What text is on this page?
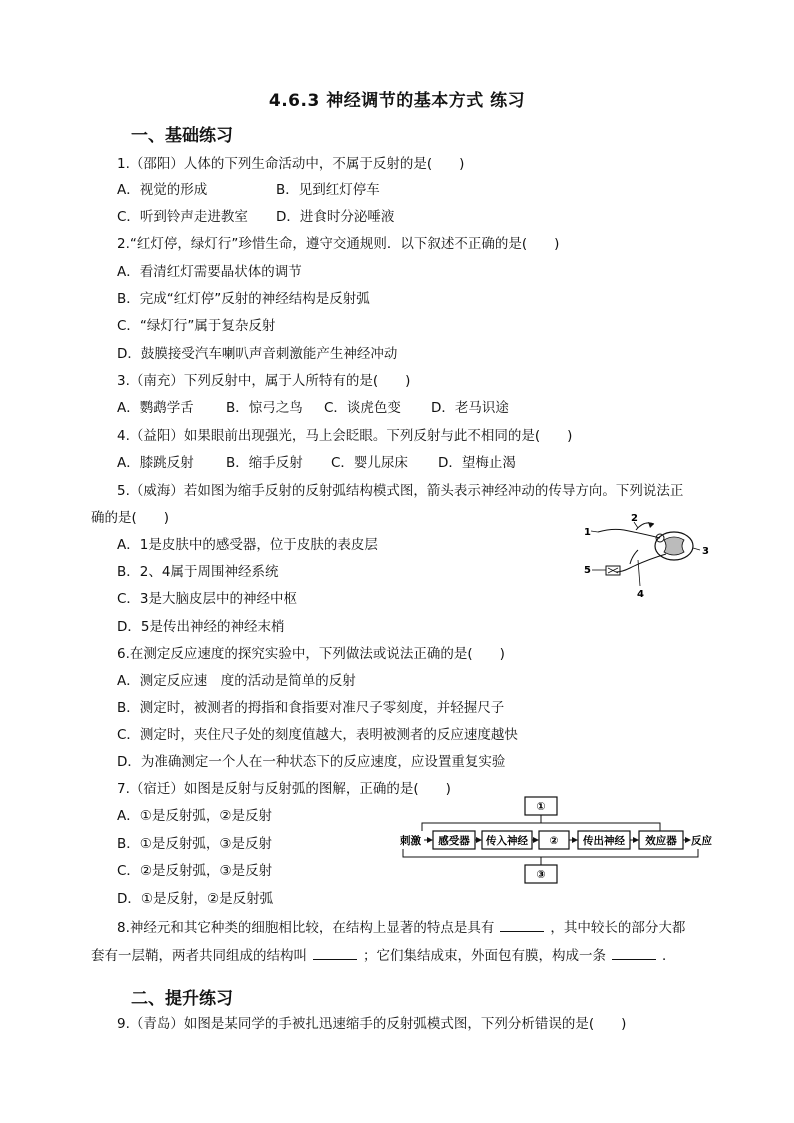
4.6.3 神经调节的基本方式 练习
一、基础练习
1.（邵阳）人体的下列生命活动中，不属于反射的是(　　)
A．视觉的形成	B．见到红灯停车
C．听到铃声走进教室 D．进食时分泌唾液
2.“红灯停，绿灯行”珍惜生命，遵守交通规则．以下叙述不正确的是(　　)
A．看清红灯需要晶状体的调节
B．完成“红灯停”反射的神经结构是反射弧
C．“绿灯行”属于复杂反射
D．鼓膜接受汽车喇叭声音刺激能产生神经冲动
3.（南充）下列反射中，属于人所特有的是(　　)
A．鹦鹉学舌 B．惊弓之鸟 C．谈虎色变 D．老马识途
4.（益阳）如果眼前出现强光，马上会眨眼。下列反射与此不相同的是(　　)
A．膝跳反射 B．缩手反射 C．婴儿尿床 D．望梅止渴
5.（威海）若如图为缩手反射的反射弧结构模式图，箭头表示神经冲动的传导方向。下列说法正
确的是(　　)
A．1是皮肤中的感受器，位于皮肤的表皮层
B．2、4属于周围神经系统
C．3是大脑皮层中的神经中枢
D．5是传出神经的神经末梢
1
2
3
4
5
6.在测定反应速度的探究实验中，下列做法或说法正确的是(　　)
A．测定反应速　度的活动是简单的反射
B．测定时，被测者的拇指和食指要对准尺子零刻度，并轻握尺子
C．测定时，夹住尺子处的刻度值越大，表明被测者的反应速度越快
D．为准确测定一个人在一种状态下的反应速度，应设置重复实验
7.（宿迁）如图是反射与反射弧的图解，正确的是(　　)
A．①是反射弧，②是反射
B．①是反射弧，③是反射
C．②是反射弧，③是反射
D．①是反射，②是反射弧
①
刺激 感受器 传入神经 ② 传出神经 效应器 反应
③
8.神经元和其它种类的细胞相比较，在结构上显著的特点是具有	，其中较长的部分大都
套有一层鞘，两者共同组成的结构叫	；它们集结成束，外面包有膜，构成一条	．
二、提升练习
9.（青岛）如图是某同学的手被扎迅速缩手的反射弧模式图，下列分析错误的是(　　)
